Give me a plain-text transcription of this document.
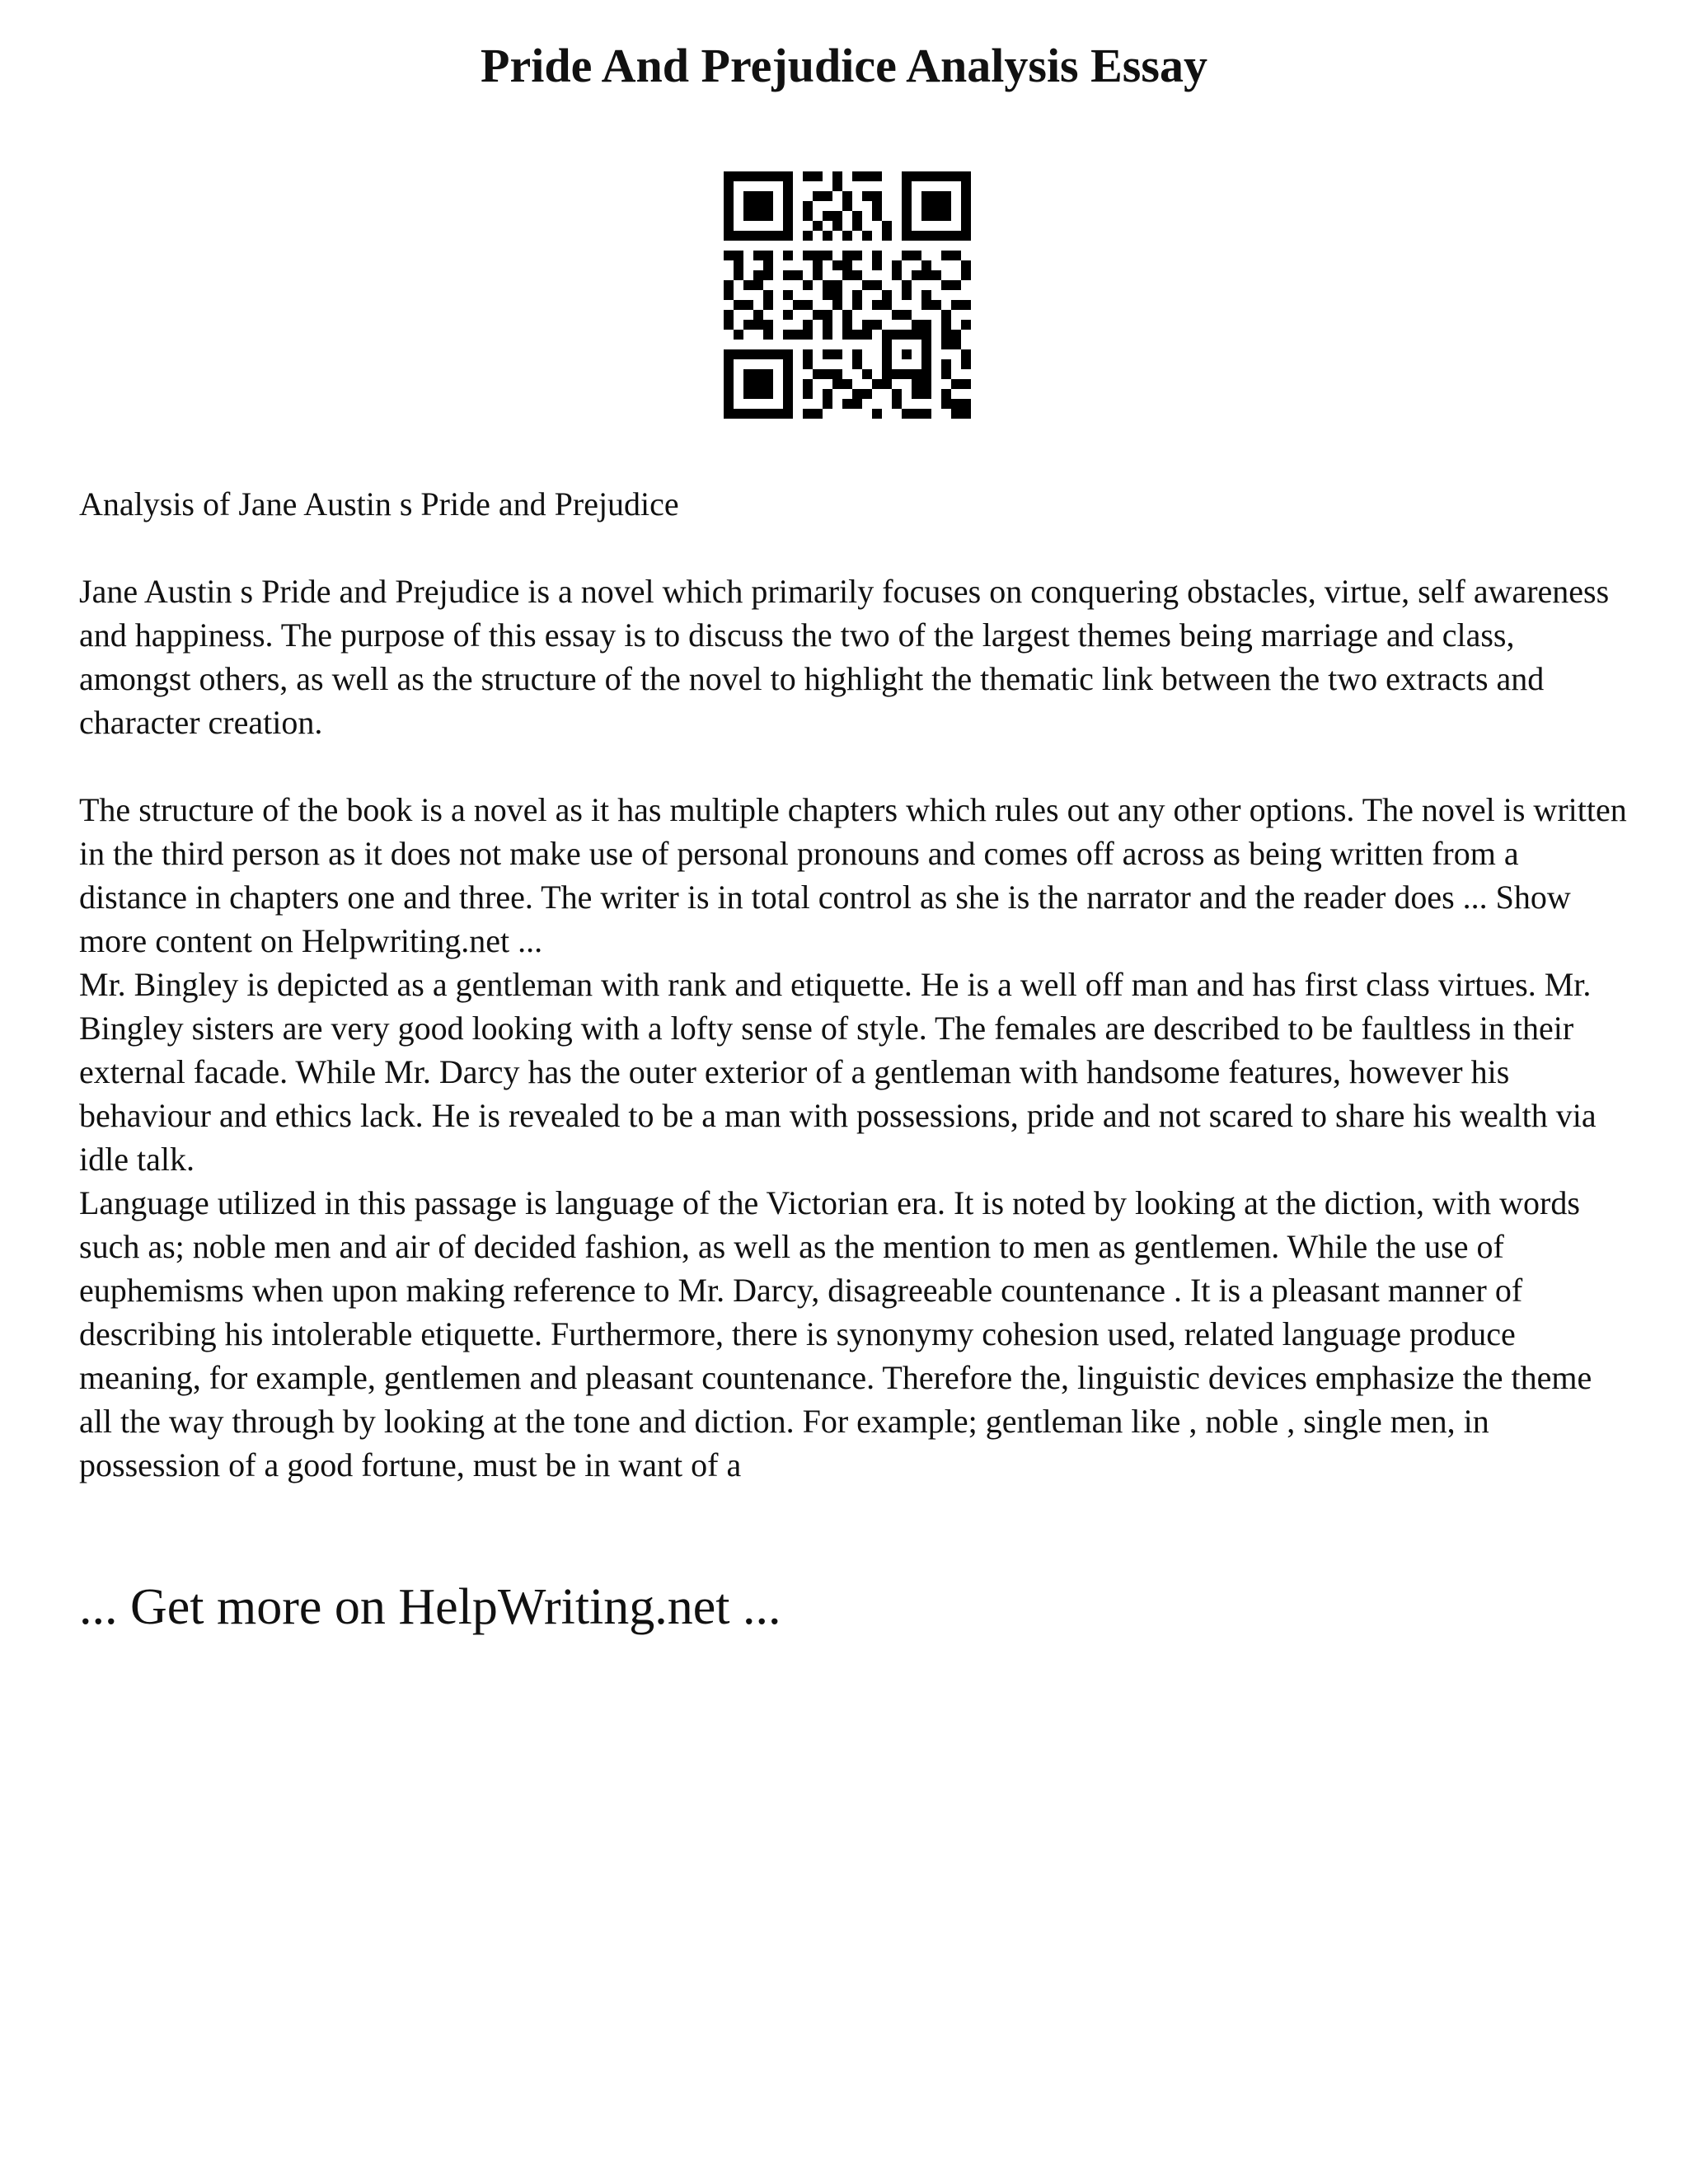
Pride And Prejudice Analysis Essay

Analysis of Jane Austin s Pride and Prejudice

Jane Austin s Pride and Prejudice is a novel which primarily focuses on conquering obstacles, virtue, self awareness and happiness. The purpose of this essay is to discuss the two of the largest themes being marriage and class, amongst others, as well as the structure of the novel to highlight the thematic link between the two extracts and character creation.

The structure of the book is a novel as it has multiple chapters which rules out any other options. The novel is written in the third person as it does not make use of personal pronouns and comes off across as being written from a distance in chapters one and three. The writer is in total control as she is the narrator and the reader does ... Show more content on Helpwriting.net ...

Mr. Bingley is depicted as a gentleman with rank and etiquette. He is a well off man and has first class virtues. Mr. Bingley sisters are very good looking with a lofty sense of style. The females are described to be faultless in their external facade. While Mr. Darcy has the outer exterior of a gentleman with handsome features, however his behaviour and ethics lack. He is revealed to be a man with possessions, pride and not scared to share his wealth via idle talk.

Language utilized in this passage is language of the Victorian era. It is noted by looking at the diction, with words such as; noble men and air of decided fashion, as well as the mention to men as gentlemen. While the use of euphemisms when upon making reference to Mr. Darcy, disagreeable countenance . It is a pleasant manner of describing his intolerable etiquette. Furthermore, there is synonymy cohesion used, related language produce meaning, for example, gentlemen and pleasant countenance. Therefore the, linguistic devices emphasize the theme all the way through by looking at the tone and diction. For example; gentleman like , noble , single men, in possession of a good fortune, must be in want of a

... Get more on HelpWriting.net ...
